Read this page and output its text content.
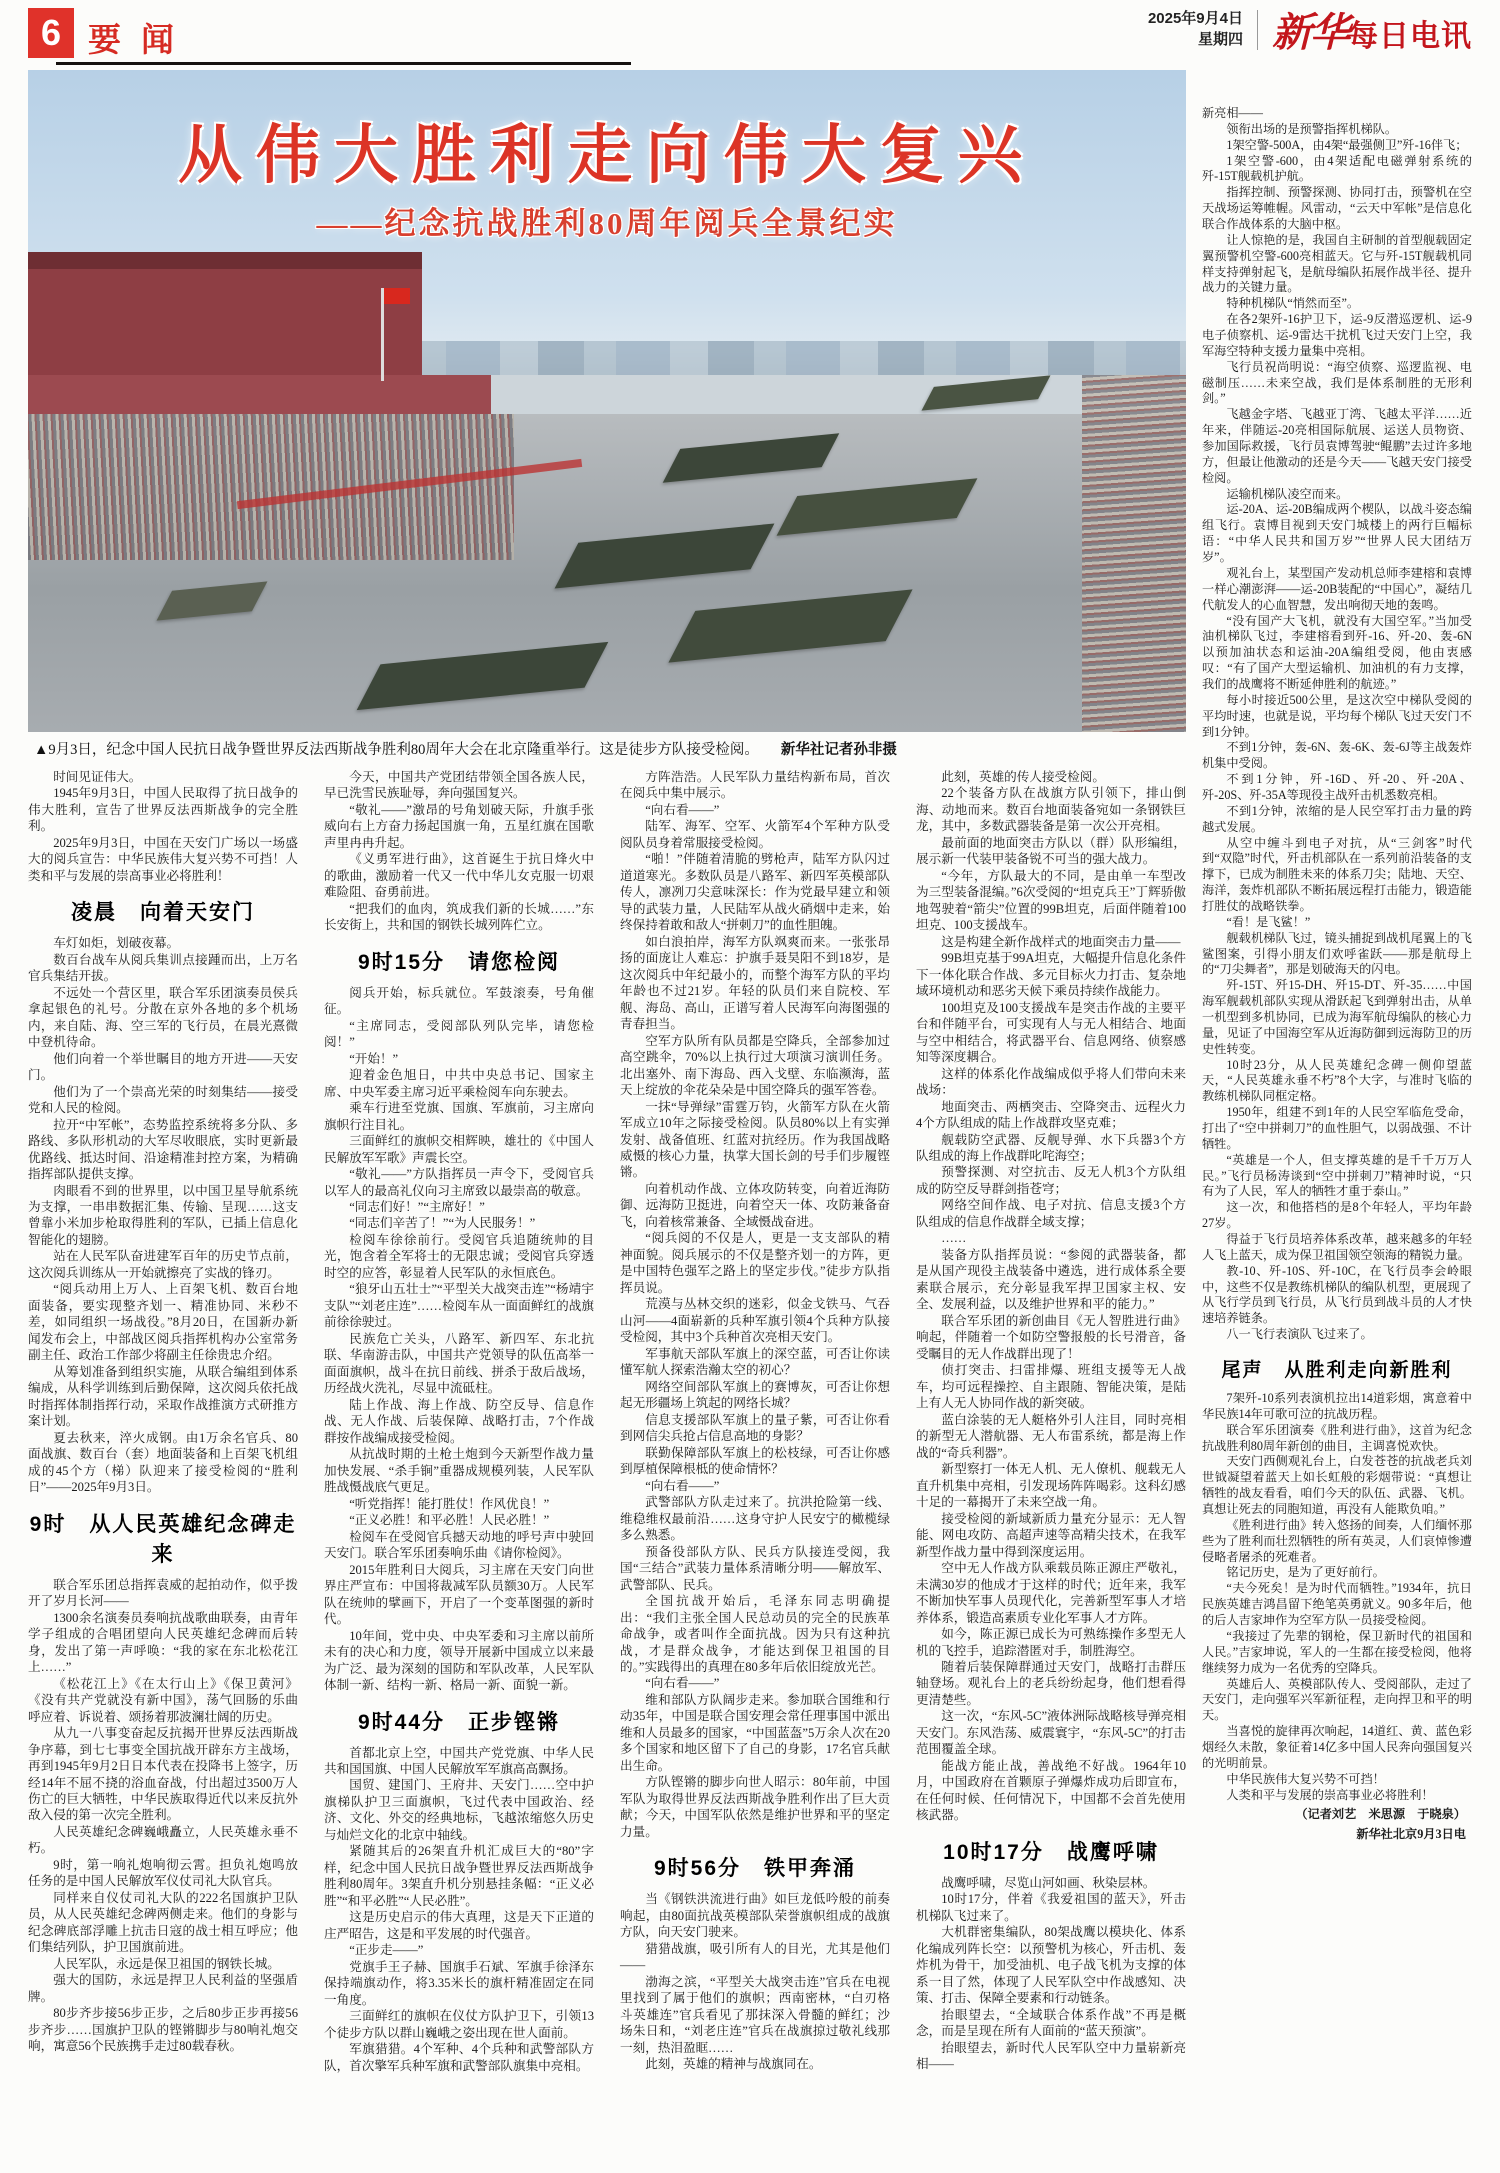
6 要闻
2025年9月4日
星期四 新华每日电讯
从伟大胜利走向伟大复兴
——纪念抗战胜利80周年阅兵全景纪实
▲9月3日，纪念中国人民抗日战争暨世界反法西斯战争胜利80周年大会在北京隆重举行。这是徒步方队接受检阅。 新华社记者孙非摄

时间见证伟大。

1945年9月3日，中国人民取得了抗日战争的伟大胜利，宣告了世界反法西斯战争的完全胜利。

2025年9月3日，中国在天安门广场以一场盛大的阅兵宣告：中华民族伟大复兴势不可挡！人类和平与发展的崇高事业必将胜利！

凌晨　向着天安门

车灯如炬，划破夜幕。

数百台战车从阅兵集训点接踵而出，上万名官兵集结开拔。

不远处一个营区里，联合军乐团演奏员侯兵拿起银色的礼号。分散在京外各地的多个机场内，来自陆、海、空三军的飞行员，在晨光熹微中登机待命。

他们向着一个举世瞩目的地方开进——天安门。

他们为了一个崇高光荣的时刻集结——接受党和人民的检阅。

拉开“中军帐”，态势监控系统将多分队、多路线、多队形机动的大军尽收眼底，实时更新最优路线、抵达时间、沿途精准封控方案，为精确指挥部队提供支撑。

肉眼看不到的世界里，以中国卫星导航系统为支撑，一串串数据汇集、传输、呈现……这支曾靠小米加步枪取得胜利的军队，已插上信息化智能化的翅膀。

站在人民军队奋进建军百年的历史节点前，这次阅兵训练从一开始就擦亮了实战的锋刃。

“阅兵动用上万人、上百架飞机、数百台地面装备，要实现整齐划一、精准协同、米秒不差，如同组织一场战役。”8月20日，在国新办新闻发布会上，中部战区阅兵指挥机构办公室常务副主任、政治工作部少将副主任徐贵忠介绍。

从筹划准备到组织实施，从联合编组到体系编成，从科学训练到后勤保障，这次阅兵依托战时指挥体制指挥行动，采取作战推演方式研推方案计划。

夏去秋来，淬火成钢。由1万余名官兵、80面战旗、数百台（套）地面装备和上百架飞机组成的45个方（梯）队迎来了接受检阅的“胜利日”——2025年9月3日。

9时　从人民英雄纪念碑走来

联合军乐团总指挥袁威的起拍动作，似乎拨开了岁月长河——

1300余名演奏员奏响抗战歌曲联奏，由青年学子组成的合唱团望向人民英雄纪念碑而后转身，发出了第一声呼唤：“我的家在东北松花江上……”

《松花江上》《在太行山上》《保卫黄河》《没有共产党就没有新中国》，荡气回肠的乐曲呼应着、诉说着、颂扬着那波澜壮阔的历史。

从九一八事变奋起反抗揭开世界反法西斯战争序幕，到七七事变全国抗战开辟东方主战场，再到1945年9月2日日本代表在投降书上签字，历经14年不屈不挠的浴血奋战，付出超过3500万人伤亡的巨大牺牲，中华民族取得近代以来反抗外敌入侵的第一次完全胜利。

人民英雄纪念碑巍峨矗立，人民英雄永垂不朽。

9时，第一响礼炮响彻云霄。担负礼炮鸣放任务的是中国人民解放军仪仗司礼大队官兵。

同样来自仪仗司礼大队的222名国旗护卫队员，从人民英雄纪念碑两侧走来。他们的身影与纪念碑底部浮雕上抗击日寇的战士相互呼应；他们集结列队，护卫国旗前进。

人民军队，永远是保卫祖国的钢铁长城。

强大的国防，永远是捍卫人民利益的坚强盾牌。

80步齐步接56步正步，之后80步正步再接56步齐步……国旗护卫队的铿锵脚步与80响礼炮交响，寓意56个民族携手走过80载春秋。

今天，中国共产党团结带领全国各族人民，早已洗雪民族耻辱，奔向强国复兴。

“敬礼——”激昂的号角划破天际，升旗手张威向右上方奋力扬起国旗一角，五星红旗在国歌声里冉冉升起。

《义勇军进行曲》，这首诞生于抗日烽火中的歌曲，激励着一代又一代中华儿女克服一切艰难险阻、奋勇前进。

“把我们的血肉，筑成我们新的长城……”东长安街上，共和国的钢铁长城列阵伫立。

9时15分　请您检阅

阅兵开始，标兵就位。军鼓滚奏，号角催征。

“主席同志，受阅部队列队完毕，请您检阅！”

“开始！”

迎着金色旭日，中共中央总书记、国家主席、中央军委主席习近平乘检阅车向东驶去。

乘车行进至党旗、国旗、军旗前，习主席向旗帜行注目礼。

三面鲜红的旗帜交相辉映，雄壮的《中国人民解放军军歌》声震长空。

“敬礼——”方队指挥员一声令下，受阅官兵以军人的最高礼仪向习主席致以最崇高的敬意。

“同志们好！”“主席好！”

“同志们辛苦了！”“为人民服务！”

检阅车徐徐前行。受阅官兵追随统帅的目光，饱含着全军将士的无限忠诚；受阅官兵穿透时空的应答，彰显着人民军队的永恒底色。

“狼牙山五壮士”“平型关大战突击连”“杨靖宇支队”“刘老庄连”……检阅车从一面面鲜红的战旗前徐徐驶过。

民族危亡关头，八路军、新四军、东北抗联、华南游击队，中国共产党领导的队伍高举一面面旗帜，战斗在抗日前线、拼杀于敌后战场，历经战火洗礼，尽显中流砥柱。

陆上作战、海上作战、防空反导、信息作战、无人作战、后装保障、战略打击，7个作战群按作战编成接受检阅。

从抗战时期的土枪土炮到今天新型作战力量加快发展、“杀手锏”重器成规模列装，人民军队胜战慑战底气更足。

“听党指挥！能打胜仗！作风优良！”

“正义必胜！和平必胜！人民必胜！”

检阅车在受阅官兵撼天动地的呼号声中驶回天安门。联合军乐团奏响乐曲《请你检阅》。

2015年胜利日大阅兵，习主席在天安门向世界庄严宣布：中国将裁减军队员额30万。人民军队在统帅的擘画下，开启了一个变革图强的新时代。

10年间，党中央、中央军委和习主席以前所未有的决心和力度，领导开展新中国成立以来最为广泛、最为深刻的国防和军队改革，人民军队体制一新、结构一新、格局一新、面貌一新。

9时44分　正步铿锵

首都北京上空，中国共产党党旗、中华人民共和国国旗、中国人民解放军军旗高高飘扬。

国贸、建国门、王府井、天安门……空中护旗梯队护卫三面旗帜，飞过代表中国政治、经济、文化、外交的经典地标，飞越浓缩悠久历史与灿烂文化的北京中轴线。

紧随其后的26架直升机汇成巨大的“80”字样，纪念中国人民抗日战争暨世界反法西斯战争胜利80周年。3架直升机分别悬挂条幅：“正义必胜”“和平必胜”“人民必胜”。

这是历史启示的伟大真理，这是天下正道的庄严昭告，这是和平发展的时代强音。

“正步走——”

党旗手王子赫、国旗手石斌、军旗手徐泽东保持端旗动作，将3.35米长的旗杆精准固定在同一角度。

三面鲜红的旗帜在仪仗方队护卫下，引领13个徒步方队以群山巍峨之姿出现在世人面前。

军旗猎猎。4个军种、4个兵种和武警部队方队，首次擎军兵种军旗和武警部队旗集中亮相。

方阵浩浩。人民军队力量结构新布局，首次在阅兵中集中展示。

“向右看——”

陆军、海军、空军、火箭军4个军种方队受阅队员身着常服接受检阅。

“啪！”伴随着清脆的劈枪声，陆军方队闪过道道寒光。多数队员是八路军、新四军英模部队传人，凛冽刀尖意味深长：作为党最早建立和领导的武装力量，人民陆军从战火硝烟中走来，始终保持着敢和敌人“拼刺刀”的血性胆魄。

如白浪拍岸，海军方队飒爽而来。一张张昂扬的面庞让人难忘：护旗手聂昊阳不到18岁，是这次阅兵中年纪最小的，而整个海军方队的平均年龄也不过21岁。年轻的队员们来自院校、军舰、海岛、高山，正谱写着人民海军向海图强的青春担当。

空军方队所有队员都是空降兵，全部参加过高空跳伞，70%以上执行过大项演习演训任务。北出塞外、南下海岛、西入戈壁、东临濒海，蓝天上绽放的伞花朵朵是中国空降兵的强军答卷。

一抹“导弹绿”雷霆万钧，火箭军方队在火箭军成立10年之际接受检阅。队员80%以上有实弹发射、战备值班、红蓝对抗经历。作为我国战略威慑的核心力量，执掌大国长剑的号手们步履铿锵。

向着机动作战、立体攻防转变，向着近海防御、远海防卫挺进，向着空天一体、攻防兼备奋飞，向着核常兼备、全域慑战奋进。

“阅兵阅的不仅是人，更是一支支部队的精神面貌。阅兵展示的不仅是整齐划一的方阵，更是中国特色强军之路上的坚定步伐。”徒步方队指挥员说。

荒漠与丛林交织的迷彩，似金戈铁马、气吞山河——4面崭新的兵种军旗引领4个兵种方队接受检阅，其中3个兵种首次亮相天安门。

军事航天部队军旗上的深空蓝，可否让你读懂军航人探索浩瀚太空的初心？

网络空间部队军旗上的赛博灰，可否让你想起无形疆场上筑起的网络长城？

信息支援部队军旗上的量子紫，可否让你看到网信尖兵抢占信息高地的身影？

联勤保障部队军旗上的松枝绿，可否让你感到厚植保障根柢的使命情怀？

“向右看——”

武警部队方队走过来了。抗洪抢险第一线、维稳维权最前沿……这身守护人民安宁的橄榄绿多么熟悉。

预备役部队方队、民兵方队接连受阅，我国“三结合”武装力量体系清晰分明——解放军、武警部队、民兵。

全国抗战开始后，毛泽东同志明确提出：“我们主张全国人民总动员的完全的民族革命战争，或者叫作全面抗战。因为只有这种抗战，才是群众战争，才能达到保卫祖国的目的。”实践得出的真理在80多年后依旧绽放光芒。

“向右看——”

维和部队方队阔步走来。参加联合国维和行动35年，中国是联合国安理会常任理事国中派出维和人员最多的国家，“中国蓝盔”5万余人次在20多个国家和地区留下了自己的身影，17名官兵献出生命。

方队铿锵的脚步向世人昭示：80年前，中国军队为取得世界反法西斯战争胜利作出了巨大贡献；今天，中国军队依然是维护世界和平的坚定力量。

9时56分　铁甲奔涌

当《钢铁洪流进行曲》如巨龙低吟般的前奏响起，由80面抗战英模部队荣誉旗帜组成的战旗方队，向天安门驶来。

猎猎战旗，吸引所有人的目光，尤其是他们——

渤海之滨，“平型关大战突击连”官兵在电视里找到了属于他们的旗帜；西南密林，“白刃格斗英雄连”官兵看见了那抹深入骨髓的鲜红；沙场朱日和，“刘老庄连”官兵在战旗掠过敬礼线那一刻，热泪盈眶……

此刻，英雄的精神与战旗同在。

此刻，英雄的传人接受检阅。

22个装备方队在战旗方队引领下，排山倒海、动地而来。数百台地面装备宛如一条钢铁巨龙，其中，多数武器装备是第一次公开亮相。

最前面的地面突击方队以（群）队形编组，展示新一代装甲装备锐不可当的强大战力。

“今年，方队最大的不同，是由单一车型改为三型装备混编。”6次受阅的“坦克兵王”丁辉骄傲地驾驶着“箭尖”位置的99B坦克，后面伴随着100坦克、100支援战车。

这是构建全新作战样式的地面突击力量——

99B坦克基于99A坦克，大幅提升信息化条件下一体化联合作战、多元目标火力打击、复杂地域环境机动和恶劣天候下乘员持续作战能力。

100坦克及100支援战车是突击作战的主要平台和伴随平台，可实现有人与无人相结合、地面与空中相结合，将武器平台、信息网络、侦察感知等深度耦合。

这样的体系化作战编成似乎将人们带向未来战场：

地面突击、两栖突击、空降突击、远程火力4个方队组成的陆上作战群攻坚克难；

舰载防空武器、反舰导弹、水下兵器3个方队组成的海上作战群叱咤海空；

预警探测、对空抗击、反无人机3个方队组成的防空反导群剑指苍穹；

网络空间作战、电子对抗、信息支援3个方队组成的信息作战群全域支撑；

……

装备方队指挥员说：“参阅的武器装备，都是从国产现役主战装备中遴选，进行成体系全要素联合展示，充分彰显我军捍卫国家主权、安全、发展利益，以及维护世界和平的能力。”

联合军乐团的新创曲目《无人智胜进行曲》响起，伴随着一个如防空警报般的长号滑音，备受瞩目的无人作战群出现了！

侦打突击、扫雷排爆、班组支援等无人战车，均可远程操控、自主跟随、智能决策，是陆上有人无人协同作战的新突破。

蓝白涂装的无人艇格外引人注目，同时亮相的新型无人潜航器、无人布雷系统，都是海上作战的“奇兵利器”。

新型察打一体无人机、无人僚机、舰载无人直升机集中亮相，引发现场阵阵喝彩。这科幻感十足的一幕揭开了未来空战一角。

接受检阅的新域新质力量充分显示：无人智能、网电攻防、高超声速等高精尖技术，在我军新型作战力量中得到深度运用。

空中无人作战方队乘载员陈正源庄严敬礼，未满30岁的他成才于这样的时代；近年来，我军不断加快军事人员现代化，完善新型军事人才培养体系，锻造高素质专业化军事人才方阵。

如今，陈正源已成长为可熟练操作多型无人机的飞控手，追踪潜匿对手，制胜海空。

随着后装保障群通过天安门，战略打击群压轴登场。观礼台上的老兵纷纷起身，他们想看得更清楚些。

这一次，“东风-5C”液体洲际战略核导弹亮相天安门。东风浩荡、威震寰宇，“东风-5C”的打击范围覆盖全球。

能战方能止战，善战绝不好战。1964年10月，中国政府在首颗原子弹爆炸成功后即宣布，在任何时候、任何情况下，中国都不会首先使用核武器。

10时17分　战鹰呼啸

战鹰呼啸，尽览山河如画、秋染层林。

10时17分，伴着《我爱祖国的蓝天》，歼击机梯队飞过来了。

大机群密集编队，80架战鹰以模块化、体系化编成列阵长空：以预警机为核心，歼击机、轰炸机为骨干，加受油机、电子战飞机为支撑的体系一目了然，体现了人民军队空中作战感知、决策、打击、保障全要素和行动链条。

抬眼望去，“全域联合体系作战”不再是概念，而是呈现在所有人面前的“蓝天预演”。

抬眼望去，新时代人民军队空中力量崭新亮相——

新亮相——

领衔出场的是预警指挥机梯队。

1架空警-500A，由4架“最强侧卫”歼-16伴飞；

1架空警-600，由4架适配电磁弹射系统的歼-15T舰载机护航。

指挥控制、预警探测、协同打击，预警机在空天战场运筹帷幄。风雷动，“云天中军帐”是信息化联合作战体系的大脑中枢。

让人惊艳的是，我国自主研制的首型舰载固定翼预警机空警-600亮相蓝天。它与歼-15T舰载机同样支持弹射起飞，是航母编队拓展作战半径、提升战力的关键力量。

特种机梯队“悄然而至”。

在各2架歼-16护卫下，运-9反潜巡逻机、运-9电子侦察机、运-9雷达干扰机飞过天安门上空，我军海空特种支援力量集中亮相。

飞行员祝尚明说：“海空侦察、巡逻监视、电磁制压……未来空战，我们是体系制胜的无形利剑。”

飞越金字塔、飞越亚丁湾、飞越太平洋……近年来，伴随运-20亮相国际航展、运送人员物资、参加国际救援，飞行员袁博驾驶“鲲鹏”去过许多地方，但最让他激动的还是今天——飞越天安门接受检阅。

运输机梯队凌空而来。

运-20A、运-20B编成两个楔队，以战斗姿态编组飞行。袁博目视到天安门城楼上的两行巨幅标语：“中华人民共和国万岁”“世界人民大团结万岁”。

观礼台上，某型国产发动机总师李建榕和袁博一样心潮澎湃——运-20B装配的“中国心”，凝结几代航发人的心血智慧，发出响彻天地的轰鸣。

“没有国产大飞机，就没有大国空军。”当加受油机梯队飞过，李建榕看到歼-16、歼-20、轰-6N以预加油状态和运油-20A编组受阅，他由衷感叹：“有了国产大型运输机、加油机的有力支撑，我们的战鹰将不断延伸胜利的航迹。”

每小时接近500公里，是这次空中梯队受阅的平均时速，也就是说，平均每个梯队飞过天安门不到1分钟。

不到1分钟，轰-6N、轰-6K、轰-6J等主战轰炸机集中受阅。

不到1分钟，歼-16D、歼-20、歼-20A、歼-20S、歼-35A等现役主战歼击机悉数亮相。

不到1分钟，浓缩的是人民空军打击力量的跨越式发展。

从空中缠斗到电子对抗，从“三剑客”时代到“双隐”时代，歼击机部队在一系列前沿装备的支撑下，已成为制胜未来的体系刀尖；陆地、天空、海洋，轰炸机部队不断拓展远程打击能力，锻造能打胜仗的战略铁拳。

“看！是飞鲨！”

舰载机梯队飞过，镜头捕捉到战机尾翼上的飞鲨图案，引得小朋友们欢呼雀跃——那是航母上的“刀尖舞者”，那是划破海天的闪电。

歼-15T、歼15-DH、歼15-DT、歼-35……中国海军舰载机部队实现从滑跃起飞到弹射出击，从单一机型到多机协同，已成为海军航母编队的核心力量，见证了中国海空军从近海防御到远海防卫的历史性转变。

10时23分，从人民英雄纪念碑一侧仰望蓝天，“人民英雄永垂不朽”8个大字，与准时飞临的教练机梯队同框定格。

1950年，组建不到1年的人民空军临危受命，打出了“空中拼刺刀”的血性胆气，以弱战强、不计牺牲。

“英雄是一个人，但支撑英雄的是千千万万人民。”飞行员杨涛谈到“空中拼刺刀”精神时说，“只有为了人民，军人的牺牲才重于泰山。”

这一次，和他搭档的是8个年轻人，平均年龄27岁。

得益于飞行员培养体系改革，越来越多的年轻人飞上蓝天，成为保卫祖国领空领海的精锐力量。

教-10、歼-10S、歼-10C，在飞行员李会岭眼中，这些不仅是教练机梯队的编队机型，更展现了从飞行学员到飞行员，从飞行员到战斗员的人才快速培养链条。

八一飞行表演队飞过来了。

尾声　从胜利走向新胜利

7架歼-10系列表演机拉出14道彩烟，寓意着中华民族14年可歌可泣的抗战历程。

联合军乐团演奏《胜利进行曲》，这首为纪念抗战胜利80周年新创的曲目，主调喜悦欢快。

天安门西侧观礼台上，白发苍苍的抗战老兵刘世钺凝望着蓝天上如长虹般的彩烟带说：“真想让牺牲的战友看看，咱们今天的队伍、武器、飞机。真想让死去的同胞知道，再没有人能欺负咱。”

《胜利进行曲》转入悠扬的间奏，人们缅怀那些为了胜利而壮烈牺牲的所有英灵，人们哀悼惨遭侵略者屠杀的死难者。

铭记历史，是为了更好前行。

“夫今死矣！是为时代而牺牲。”1934年，抗日民族英雄吉鸿昌留下绝笔英勇就义。90多年后，他的后人吉家坤作为空军方队一员接受检阅。

“我接过了先辈的钢枪，保卫新时代的祖国和人民。”吉家坤说，军人的一生都在接受检阅，他将继续努力成为一名优秀的空降兵。

英雄后人、英模部队传人、受阅部队，走过了天安门，走向强军兴军新征程，走向捍卫和平的明天。

当喜悦的旋律再次响起，14道红、黄、蓝色彩烟经久未散，象征着14亿多中国人民奔向强国复兴的光明前景。

中华民族伟大复兴势不可挡！

人类和平与发展的崇高事业必将胜利！

（记者刘艺　米思源　于晓泉）

新华社北京9月3日电
